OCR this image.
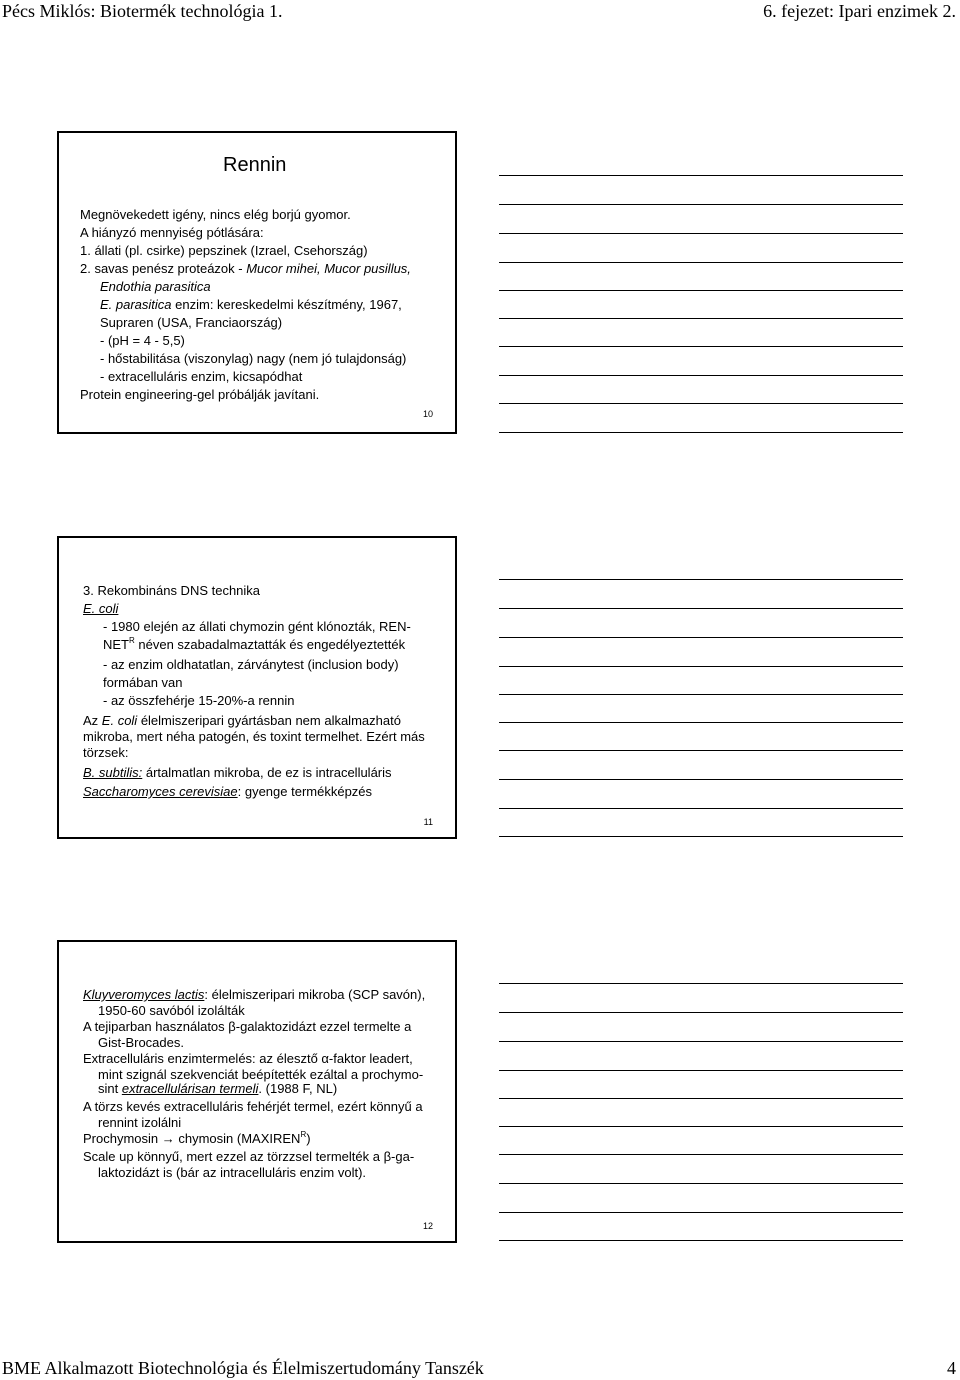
Pécs Miklós: Biotermék technológia 1.	6. fejezet: Ipari enzimek 2.
Rennin
Megnövekedett igény, nincs elég borjú gyomor.
A hiányzó mennyiség pótlására:
1. állati (pl. csirke) pepszinek (Izrael, Csehország)
2. savas penész proteázok - Mucor mihei, Mucor pusillus,
Endothia parasitica
E. parasitica enzim: kereskedelmi készítmény, 1967,
Supraren (USA, Franciaország)
- (pH = 4 - 5,5)
- hőstabilitása (viszonylag) nagy (nem jó tulajdonság)
- extracelluláris enzim, kicsapódhat
Protein engineering-gel próbálják javítani.
10
3. Rekombináns DNS technika
E. coli
- 1980 elején az állati chymozin gént klónozták, REN-
$NET^R$ néven szabadalmaztatták és engedélyeztették
- az enzim oldhatatlan, zárványtest (inclusion body)
formában van
- az összfehérje 15-20%-a rennin
Az E. coli élelmiszeripari gyártásban nem alkalmazható
mikroba, mert néha patogén, és toxint termelhet. Ezért más
törzsek:
B. subtilis: ártalmatlan mikroba, de ez is intracelluláris
Saccharomyces cerevisiae: gyenge termékképzés
11
Kluyveromyces lactis: élelmiszeripari mikroba (SCP savón),
1950-60 savóból izolálták
A tejiparban használatos β-galaktozidázt ezzel termelte a
Gist-Brocades.
Extracelluláris enzimtermelés: az élesztő α-faktor leadert,
mint szignál szekvenciát beépítették ezáltal a prochymo-
sint extracellulárisan termeli. (1988 F, NL)
A törzs kevés extracelluláris fehérjét termel, ezért könnyű a
rennint izolálni
Prochymosin → chymosin $(MAXIREN^R)$
Scale up könnyű, mert ezzel az törzzsel termelték a β-ga-
laktozidázt is (bár az intracelluláris enzim volt).
12
BME Alkalmazott Biotechnológia és Élelmiszertudomány Tanszék	4
